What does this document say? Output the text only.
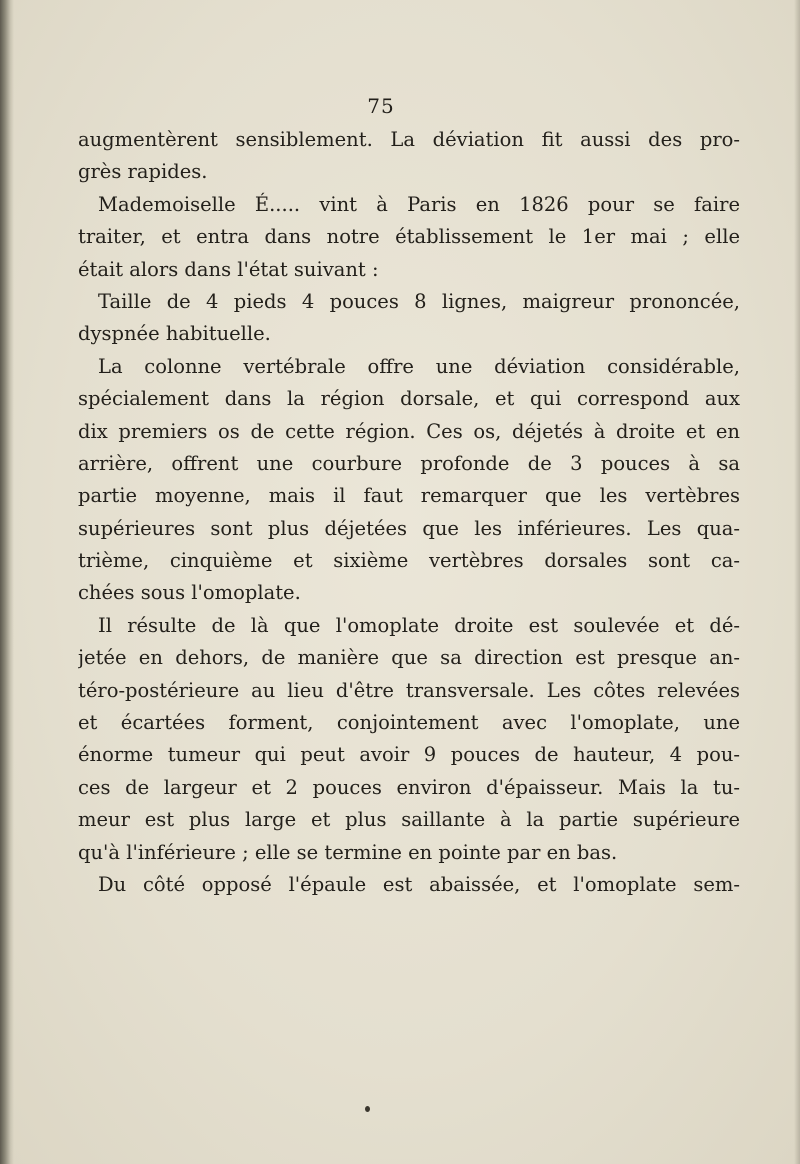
75
augmentèrent sensiblement. La déviation fit aussi des pro-
grès rapides.
Mademoiselle É..... vint à Paris en 1826 pour se faire
traiter, et entra dans notre établissement le 1er mai ; elle
était alors dans l'état suivant :
Taille de 4 pieds 4 pouces 8 lignes, maigreur prononcée,
dyspnée habituelle.
La colonne vertébrale offre une déviation considérable,
spécialement dans la région dorsale, et qui correspond aux
dix premiers os de cette région. Ces os, déjetés à droite et en
arrière, offrent une courbure profonde de 3 pouces à sa
partie moyenne, mais il faut remarquer que les vertèbres
supérieures sont plus déjetées que les inférieures. Les qua-
trième, cinquième et sixième vertèbres dorsales sont ca-
chées sous l'omoplate.
Il résulte de là que l'omoplate droite est soulevée et dé-
jetée en dehors, de manière que sa direction est presque an-
téro-postérieure au lieu d'être transversale. Les côtes relevées
et écartées forment, conjointement avec l'omoplate, une
énorme tumeur qui peut avoir 9 pouces de hauteur, 4 pou-
ces de largeur et 2 pouces environ d'épaisseur. Mais la tu-
meur est plus large et plus saillante à la partie supérieure
qu'à l'inférieure ; elle se termine en pointe par en bas.
Du côté opposé l'épaule est abaissée, et l'omoplate sem-
